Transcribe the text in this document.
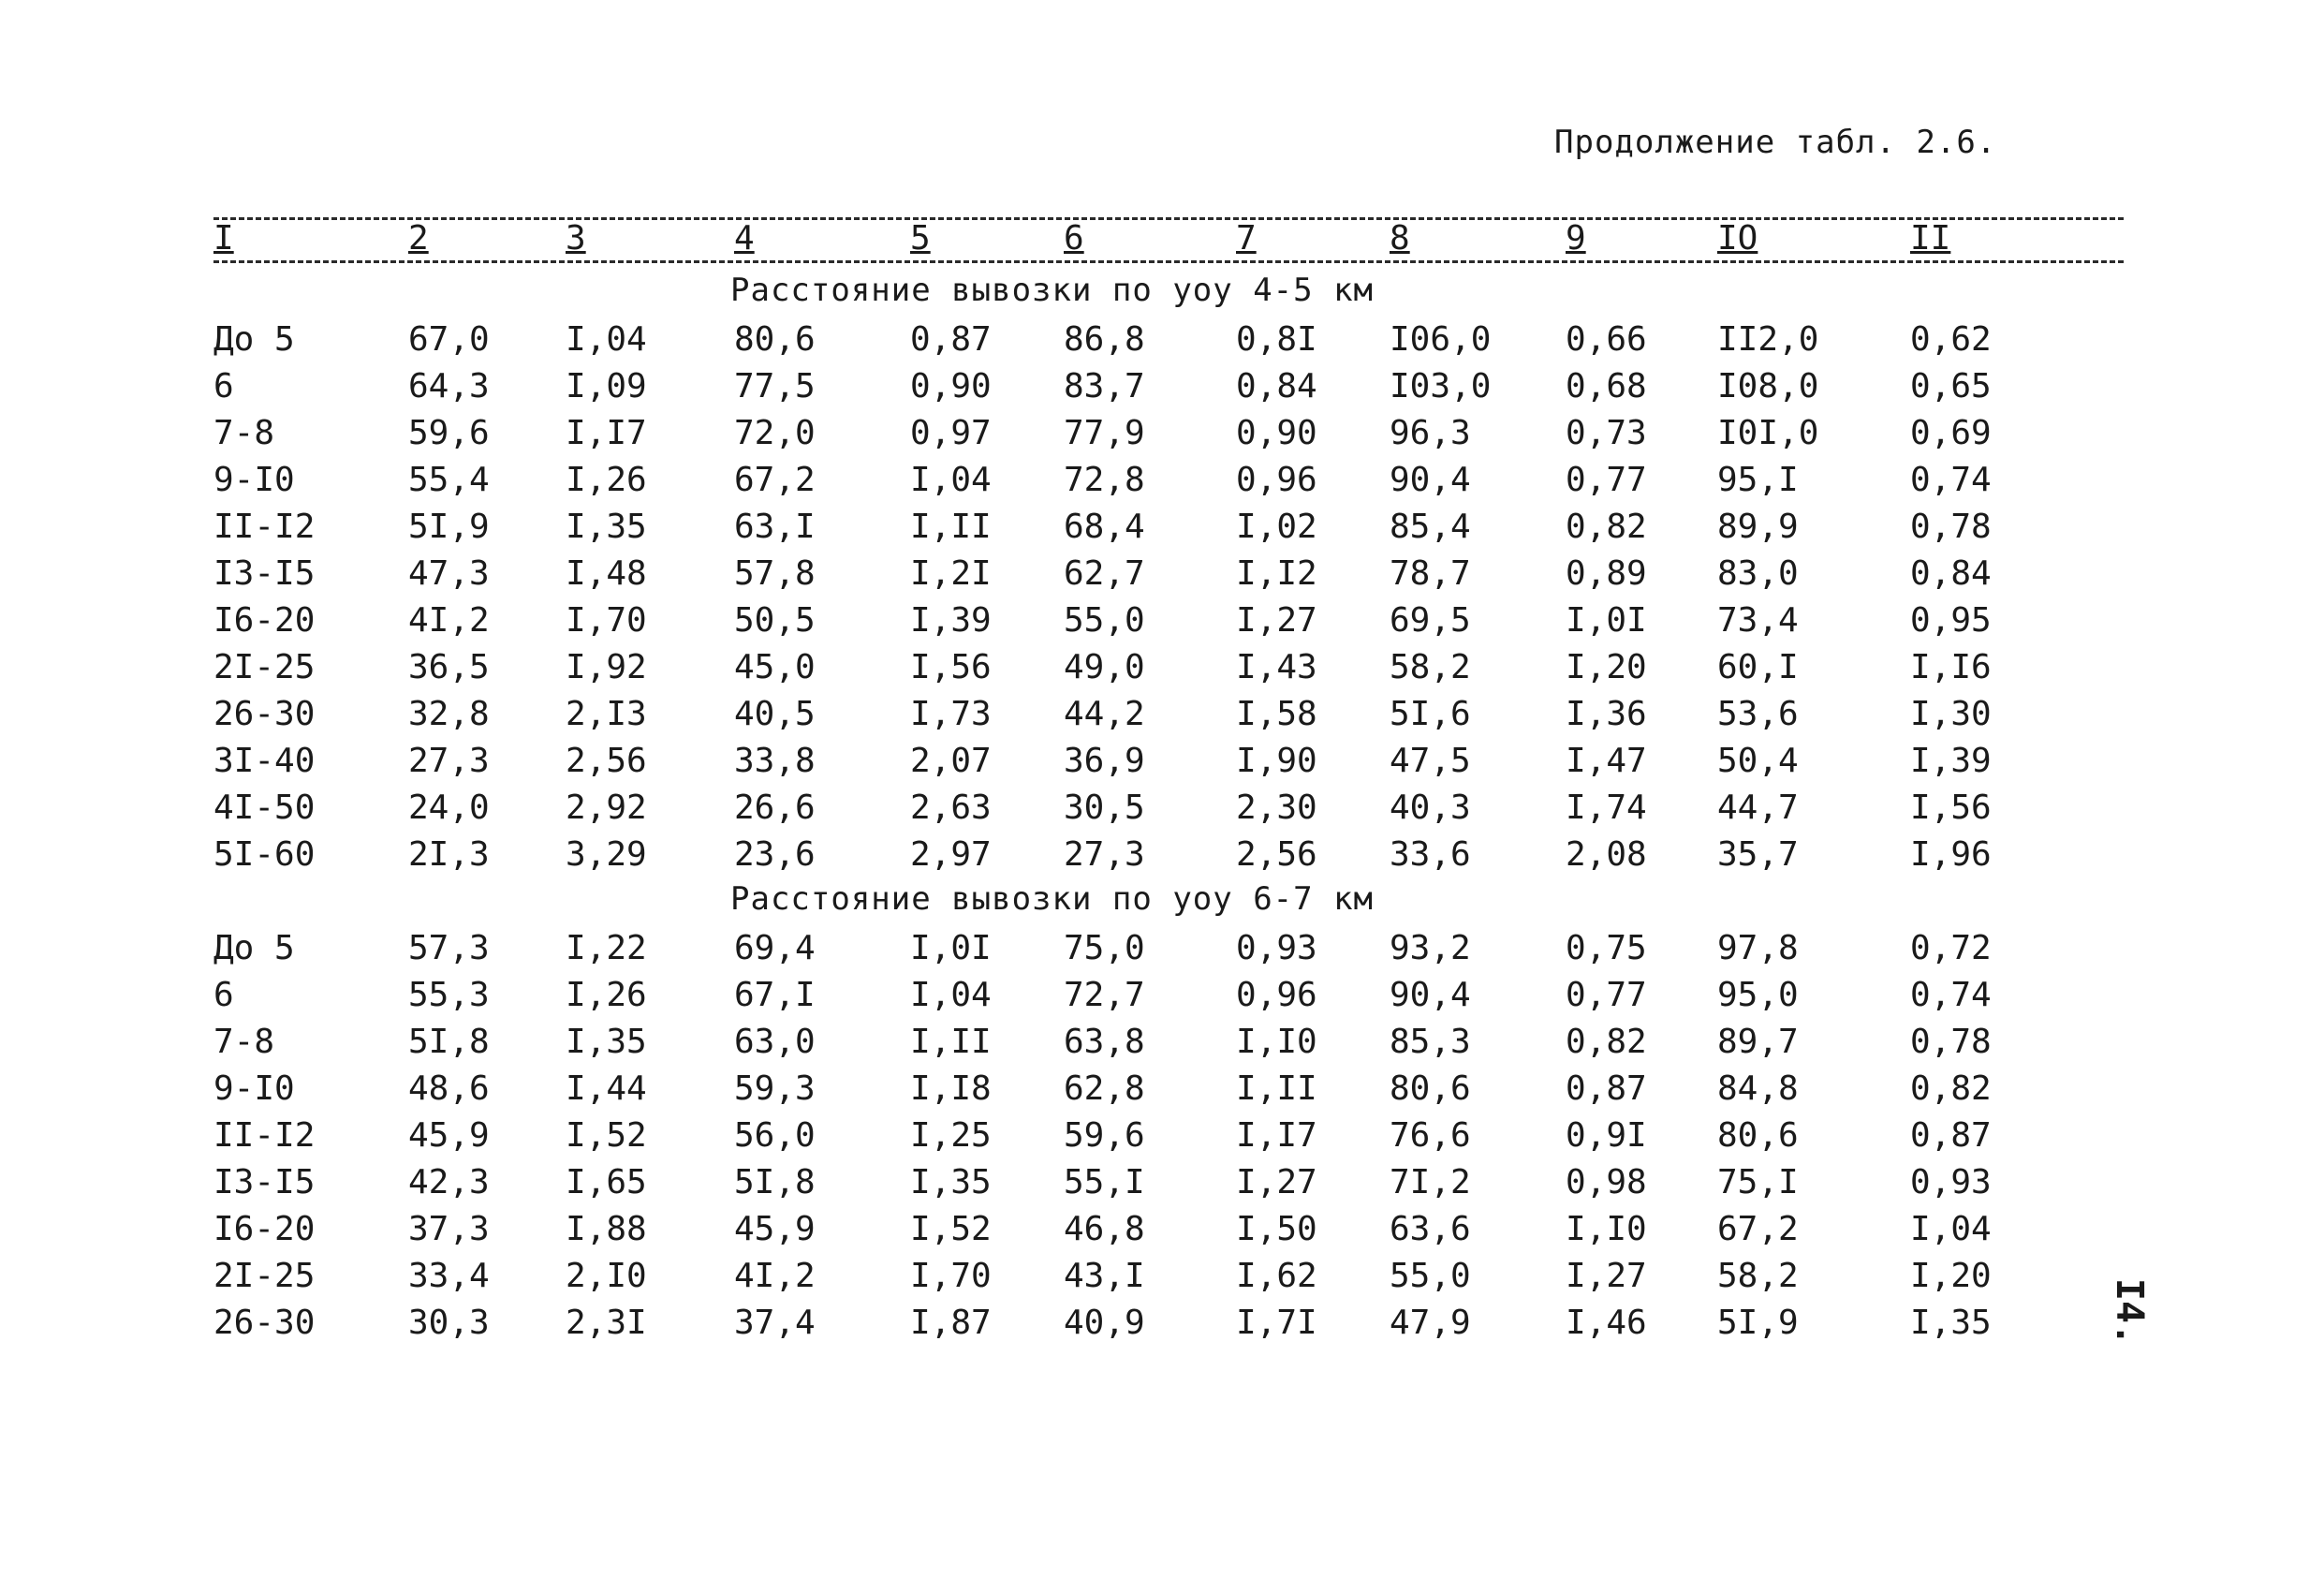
Продолжение табл. 2.6.
I	2	3	4	5	6	7	8	9	IO	II
Расстояние вывозки по уоу 4-5 км
До 5	67,0 I,04	80,6	0,87 86,8	0,8I I06,0 0,66 II2,0	0,62
6	64,3 I,09	77,5	0,90 83,7	0,84 I03,0 0,68 I08,0	0,65
7-8	59,6 I,I7	72,0	0,97 77,9	0,90 96,3	0,73 I0I,0	0,69
9-I0	55,4 I,26	67,2	I,04 72,8	0,96 90,4	0,77 95,I	0,74
II-I2	5I,9 I,35	63,I	I,II 68,4	I,02 85,4	0,82 89,9	0,78
I3-I5	47,3 I,48	57,8	I,2I 62,7	I,I2 78,7	0,89 83,0	0,84
I6-20	4I,2 I,70	50,5	I,39 55,0	I,27 69,5	I,0I 73,4	0,95
2I-25	36,5 I,92	45,0	I,56 49,0	I,43 58,2	I,20 60,I	I,I6
26-30	32,8 2,I3	40,5	I,73 44,2	I,58 5I,6	I,36 53,6	I,30
3I-40	27,3 2,56	33,8	2,07 36,9	I,90 47,5	I,47 50,4	I,39
4I-50	24,0 2,92	26,6	2,63 30,5	2,30 40,3	I,74 44,7	I,56
5I-60	2I,3 3,29	23,6	2,97 27,3	2,56 33,6	2,08 35,7	I,96
Расстояние вывозки по уоу 6-7 км
До 5	57,3 I,22	69,4	I,0I 75,0	0,93 93,2	0,75 97,8	0,72
6	55,3 I,26	67,I	I,04 72,7	0,96 90,4	0,77 95,0	0,74
7-8	5I,8 I,35	63,0	I,II 63,8	I,I0 85,3	0,82 89,7	0,78
9-I0	48,6 I,44	59,3	I,I8 62,8	I,II 80,6	0,87 84,8	0,82
II-I2	45,9 I,52	56,0	I,25 59,6	I,I7 76,6	0,9I 80,6	0,87
I3-I5	42,3 I,65	5I,8	I,35 55,I	I,27 7I,2	0,98 75,I	0,93
I6-20	37,3 I,88	45,9	I,52 46,8	I,50 63,6	I,I0 67,2	I,04
2I-25	33,4 2,I0	4I,2	I,70 43,I	I,62 55,0	I,27 58,2	I,20
26-30	30,3 2,3I	37,4	I,87 40,9	I,7I 47,9	I,46 5I,9	I,35	I4.
